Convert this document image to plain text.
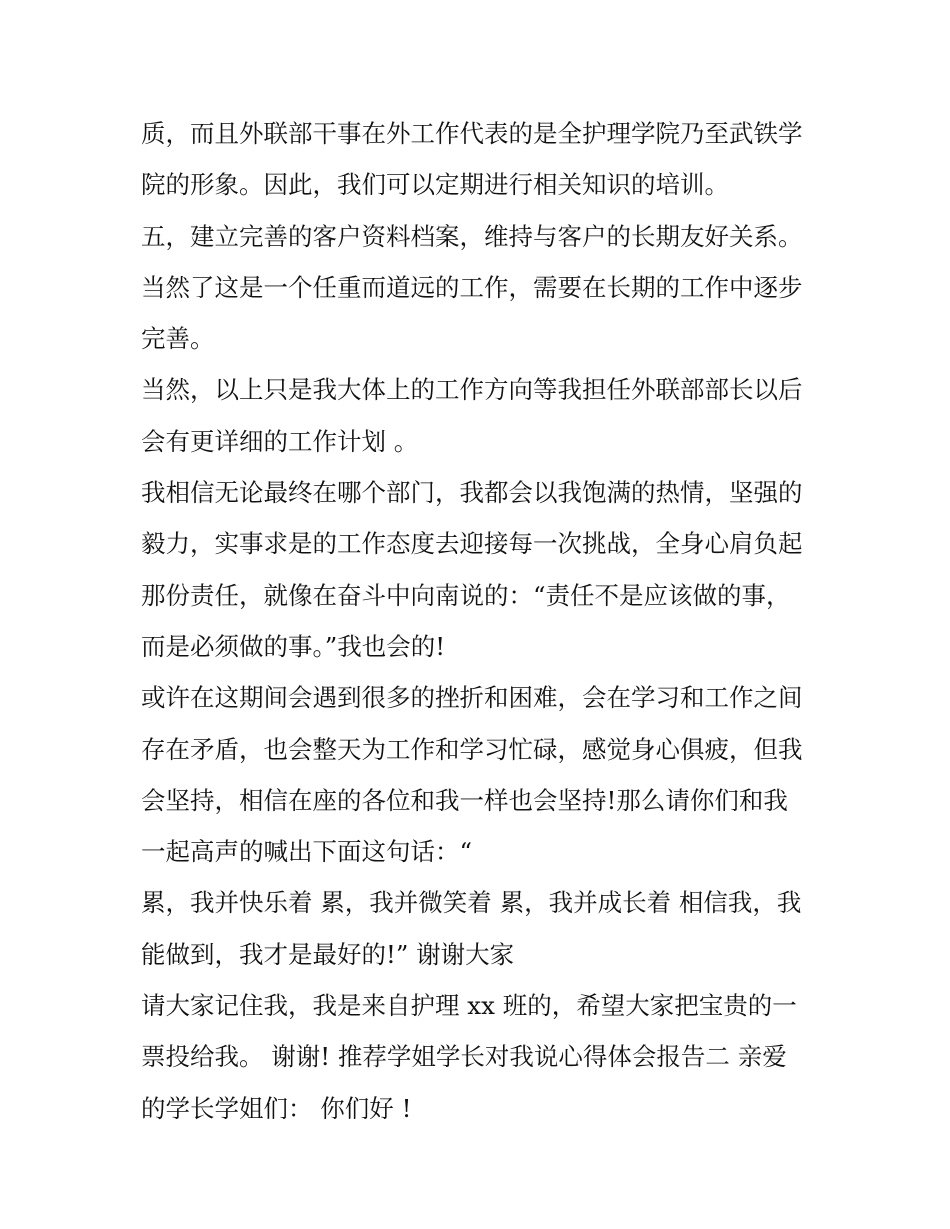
质，而且外联部干事在外工作代表的是全护理学院乃至武铁学
院的形象。因此，我们可以定期进行相关知识的培训。
五，建立完善的客户资料档案，维持与客户的长期友好关系。
当然了这是一个任重而道远的工作，需要在长期的工作中逐步
完善。
当然，以上只是我大体上的工作方向等我担任外联部部长以后
会有更详细的工作计划 。
我相信无论最终在哪个部门，我都会以我饱满的热情，坚强的
毅力，实事求是的工作态度去迎接每一次挑战，全身心肩负起
那份责任，就像在奋斗中向南说的：“责任不是应该做的事，
而是必须做的事。”我也会的!
或许在这期间会遇到很多的挫折和困难，会在学习和工作之间
存在矛盾，也会整天为工作和学习忙碌，感觉身心俱疲，但我
会坚持，相信在座的各位和我一样也会坚持!那么请你们和我
一起高声的喊出下面这句话：“
累，我并快乐着 累，我并微笑着 累，我并成长着 相信我，我
能做到，我才是最好的!” 谢谢大家
请大家记住我，我是来自护理 xx 班的，希望大家把宝贵的一
票投给我。 谢谢! 推荐学姐学长对我说心得体会报告二 亲爱
的学长学姐们： 你们好 !
